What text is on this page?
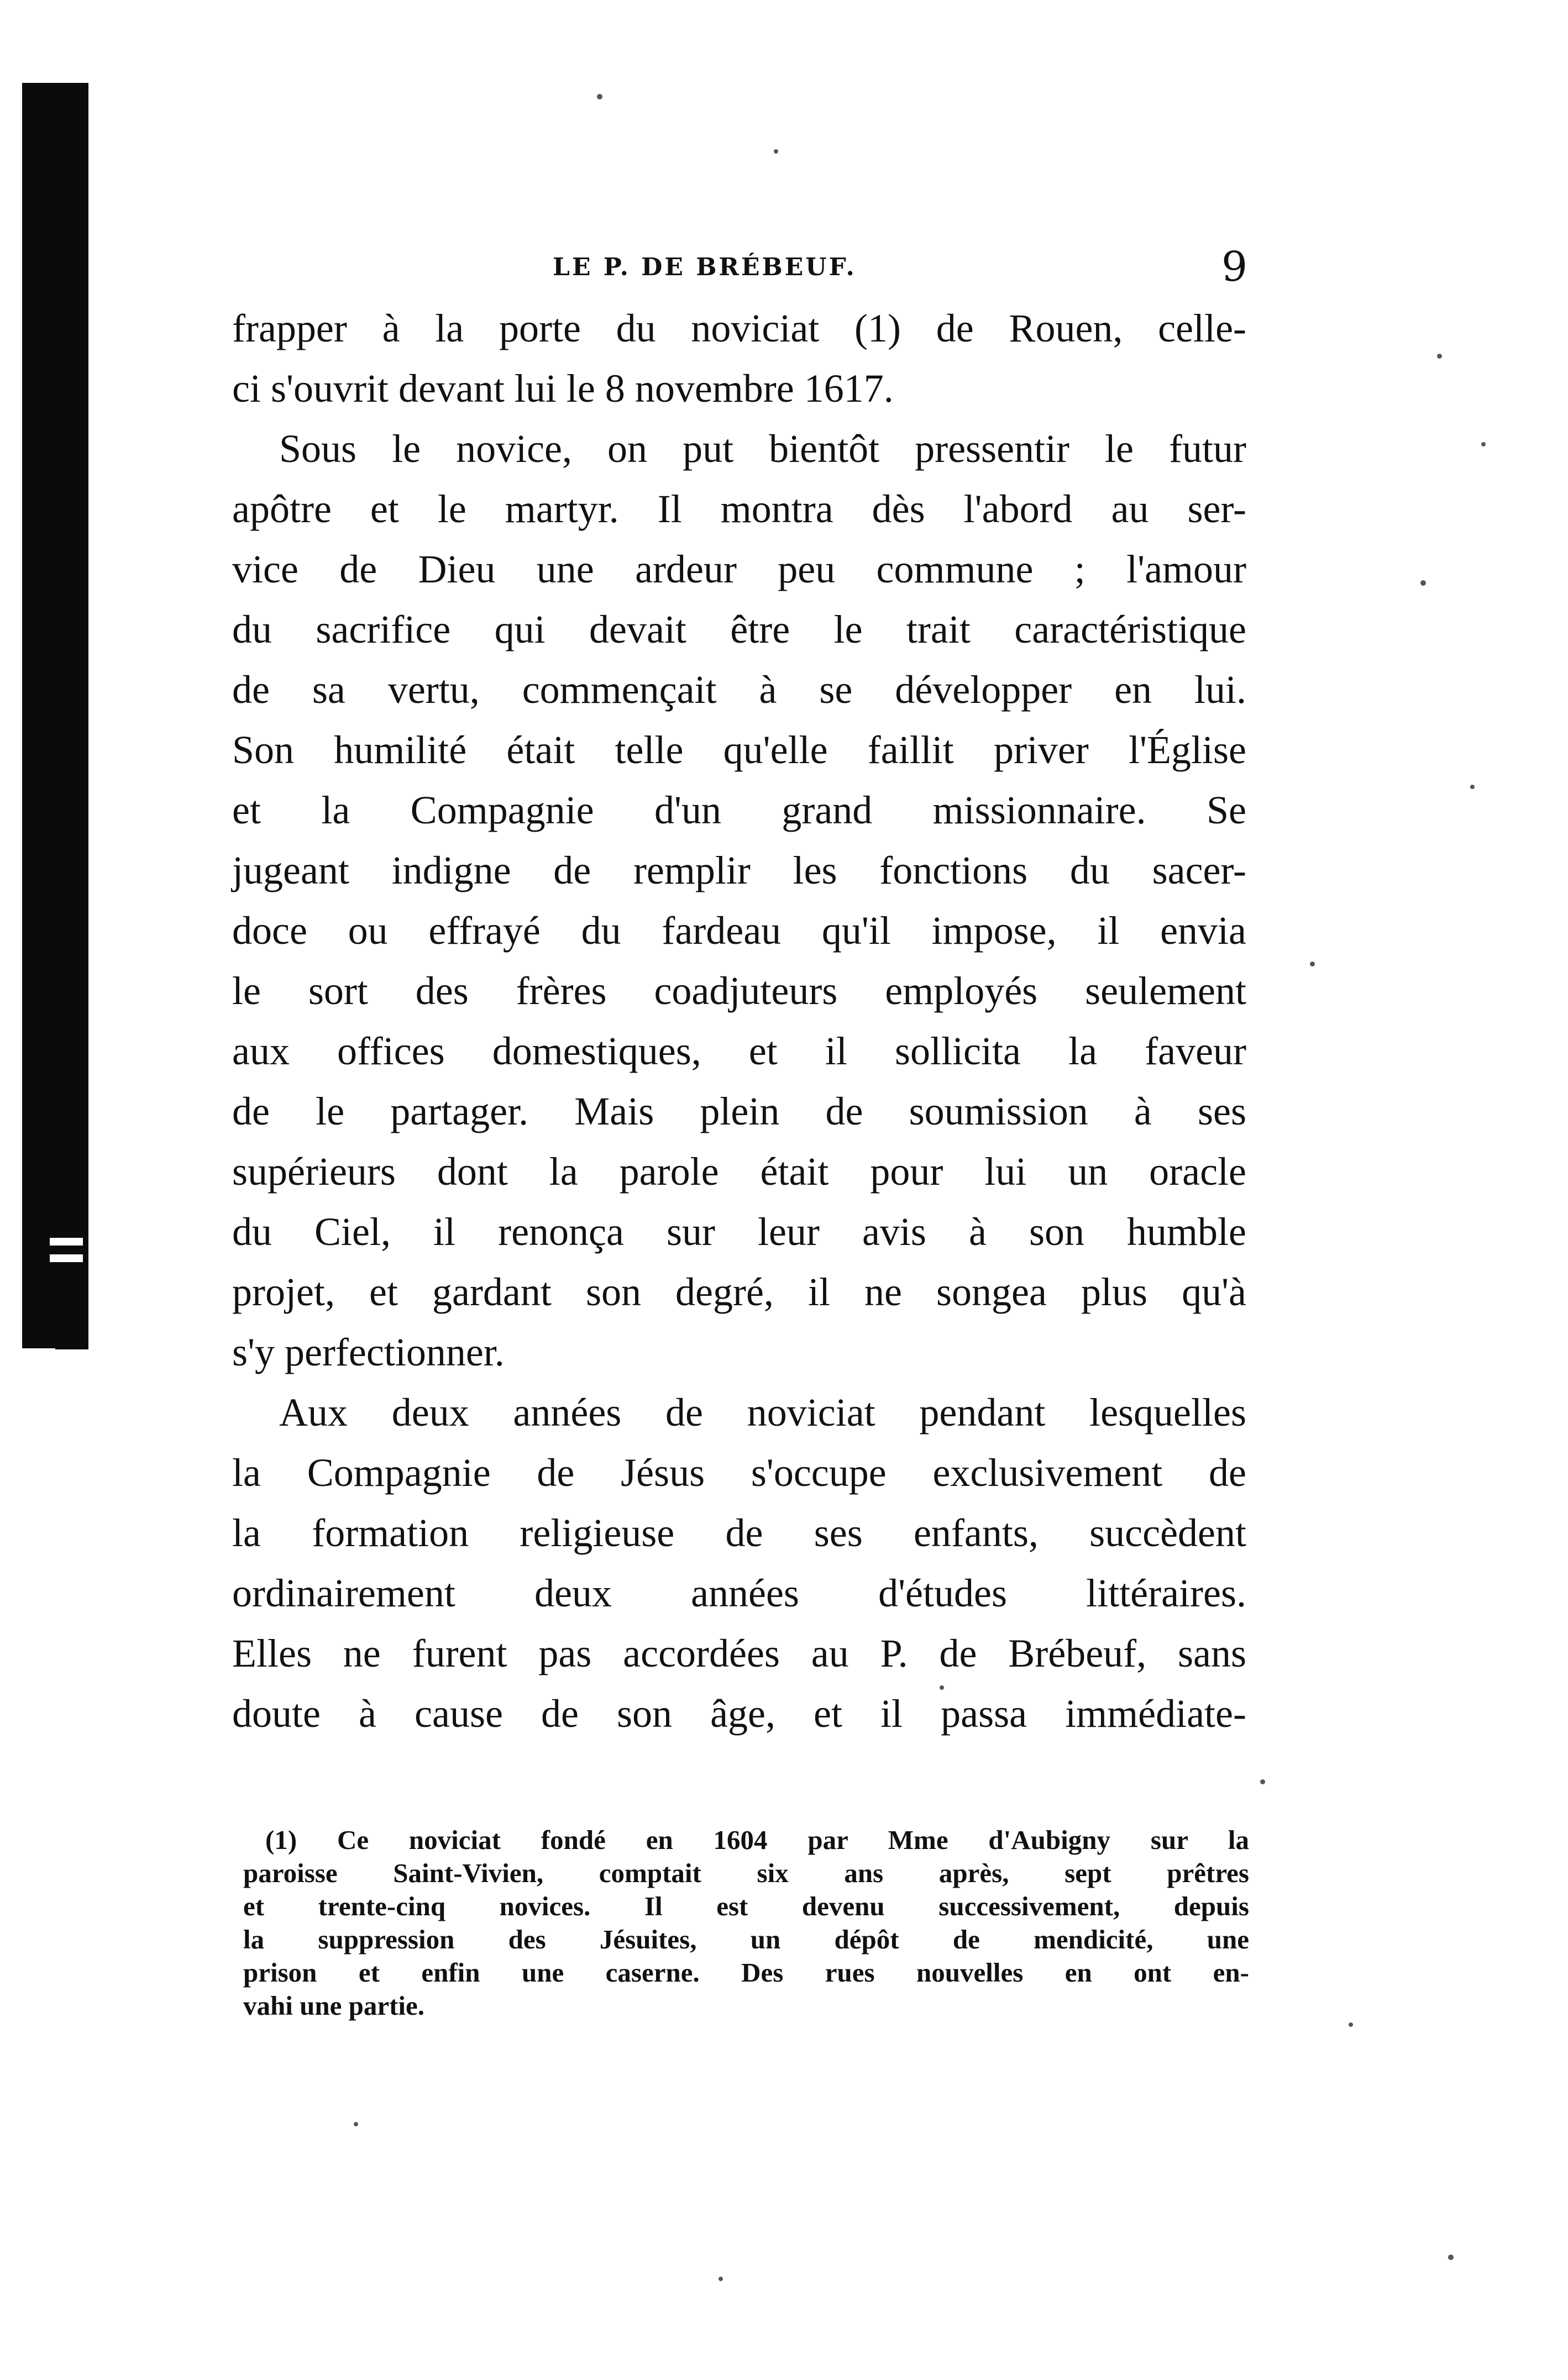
LE P. DE BRÉBEUF.	9
frapper à la porte du noviciat (1) de Rouen, celle-
ci s'ouvrit devant lui le 8 novembre 1617.
Sous le novice, on put bientôt pressentir le futur
apôtre et le martyr. Il montra dès l'abord au ser-
vice de Dieu une ardeur peu commune ; l'amour
du sacrifice qui devait être le trait caractéristique
de sa vertu, commençait à se développer en lui.
Son humilité était telle qu'elle faillit priver l'Église
et la Compagnie d'un grand missionnaire. Se
jugeant indigne de remplir les fonctions du sacer-
doce ou effrayé du fardeau qu'il impose, il envia
le sort des frères coadjuteurs employés seulement
aux offices domestiques, et il sollicita la faveur
de le partager. Mais plein de soumission à ses
supérieurs dont la parole était pour lui un oracle
du Ciel, il renonça sur leur avis à son humble
projet, et gardant son degré, il ne songea plus qu'à
s'y perfectionner.
Aux deux années de noviciat pendant lesquelles
la Compagnie de Jésus s'occupe exclusivement de
la formation religieuse de ses enfants, succèdent
ordinairement deux années d'études littéraires.
Elles ne furent pas accordées au P. de Brébeuf, sans
doute à cause de son âge, et il passa immédiate-
(1) Ce noviciat fondé en 1604 par Mme d'Aubigny sur la
paroisse Saint-Vivien, comptait six ans après, sept prêtres
et trente-cinq novices. Il est devenu successivement, depuis
la suppression des Jésuites, un dépôt de mendicité, une
prison et enfin une caserne. Des rues nouvelles en ont en-
vahi une partie.
